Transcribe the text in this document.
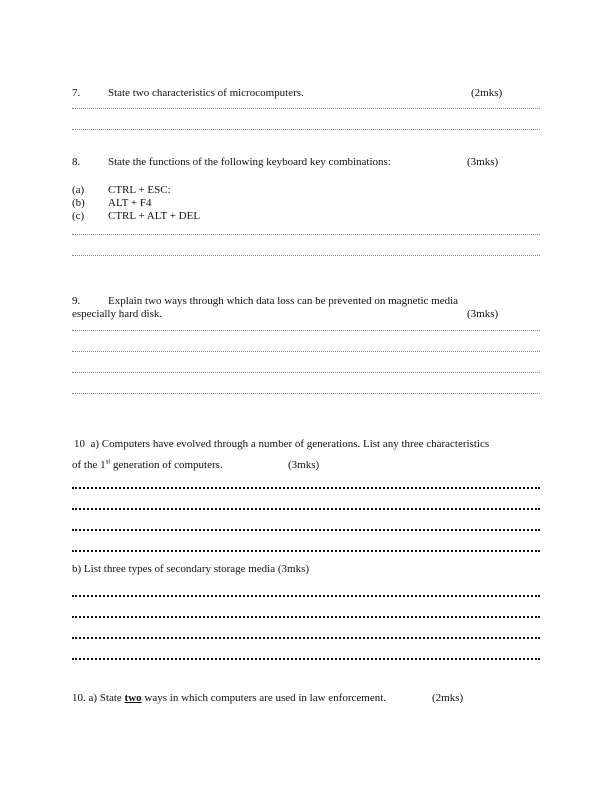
7.	State two characteristics of microcomputers.	(2mks)
8.	State the functions of the following keyboard key combinations:	(3mks)
(a) CTRL + ESC:
(b) ALT + F4
(c) CTRL + ALT + DEL
9.	Explain two ways through which data loss can be prevented on magnetic media
especially hard disk.	(3mks)
10 a) Computers have evolved through a number of generations. List any three characteristics
of the 1st generation of computers.	(3mks)
b) List three types of secondary storage media (3mks)
10. a) State two ways in which computers are used in law enforcement.	(2mks)
